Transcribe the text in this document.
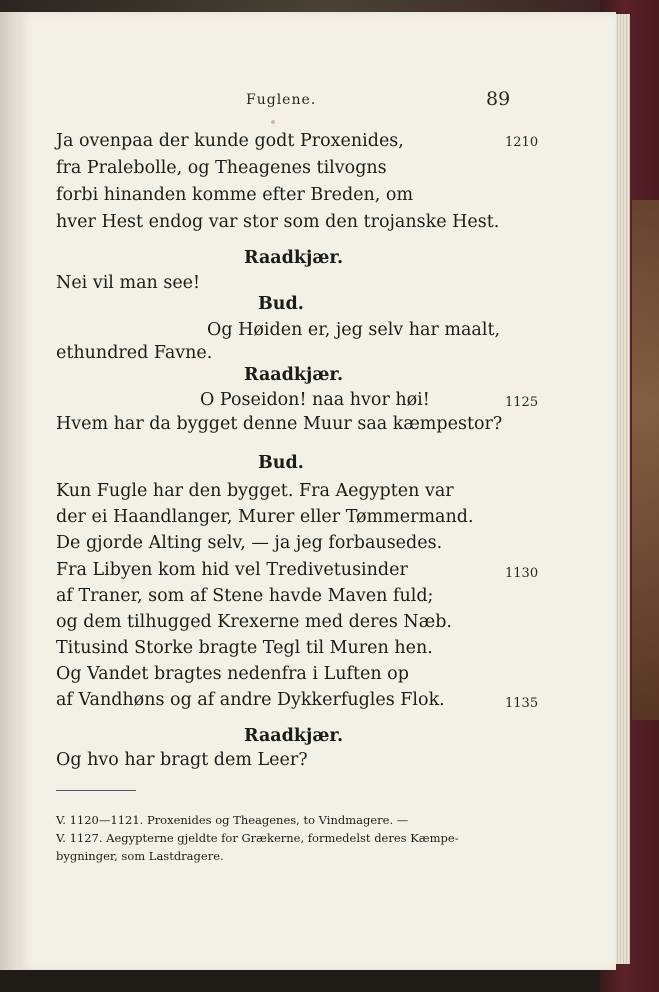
Fuglene.	89
Ja ovenpaa der kunde godt Proxenides,
fra Pralebolle, og Theagenes tilvogns
forbi hinanden komme efter Breden, om
hver Hest endog var stor som den trojanske Hest.
Raadkjær.
Nei vil man see!
Bud.
Og Høiden er, jeg selv har maalt,
ethundred Favne.
Raadkjær.
O Poseidon! naa hvor høi!
Hvem har da bygget denne Muur saa kæmpestor?
Bud.
Kun Fugle har den bygget. Fra Aegypten var
der ei Haandlanger, Murer eller Tømmermand.
De gjorde Alting selv, — ja jeg forbausedes.
Fra Libyen kom hid vel Tredivetusinder
af Traner, som af Stene havde Maven fuld;
og dem tilhugged Krexerne med deres Næb.
Titusind Storke bragte Tegl til Muren hen.
Og Vandet bragtes nedenfra i Luften op
af Vandhøns og af andre Dykkerfugles Flok.
Raadkjær.
Og hvo har bragt dem Leer?
1210
1125
1130
1135
V. 1120—1121. Proxenides og Theagenes, to Vindmagere. —
V. 1127. Aegypterne gjeldte for Grækerne, formedelst deres Kæmpe-
bygninger, som Lastdragere.
